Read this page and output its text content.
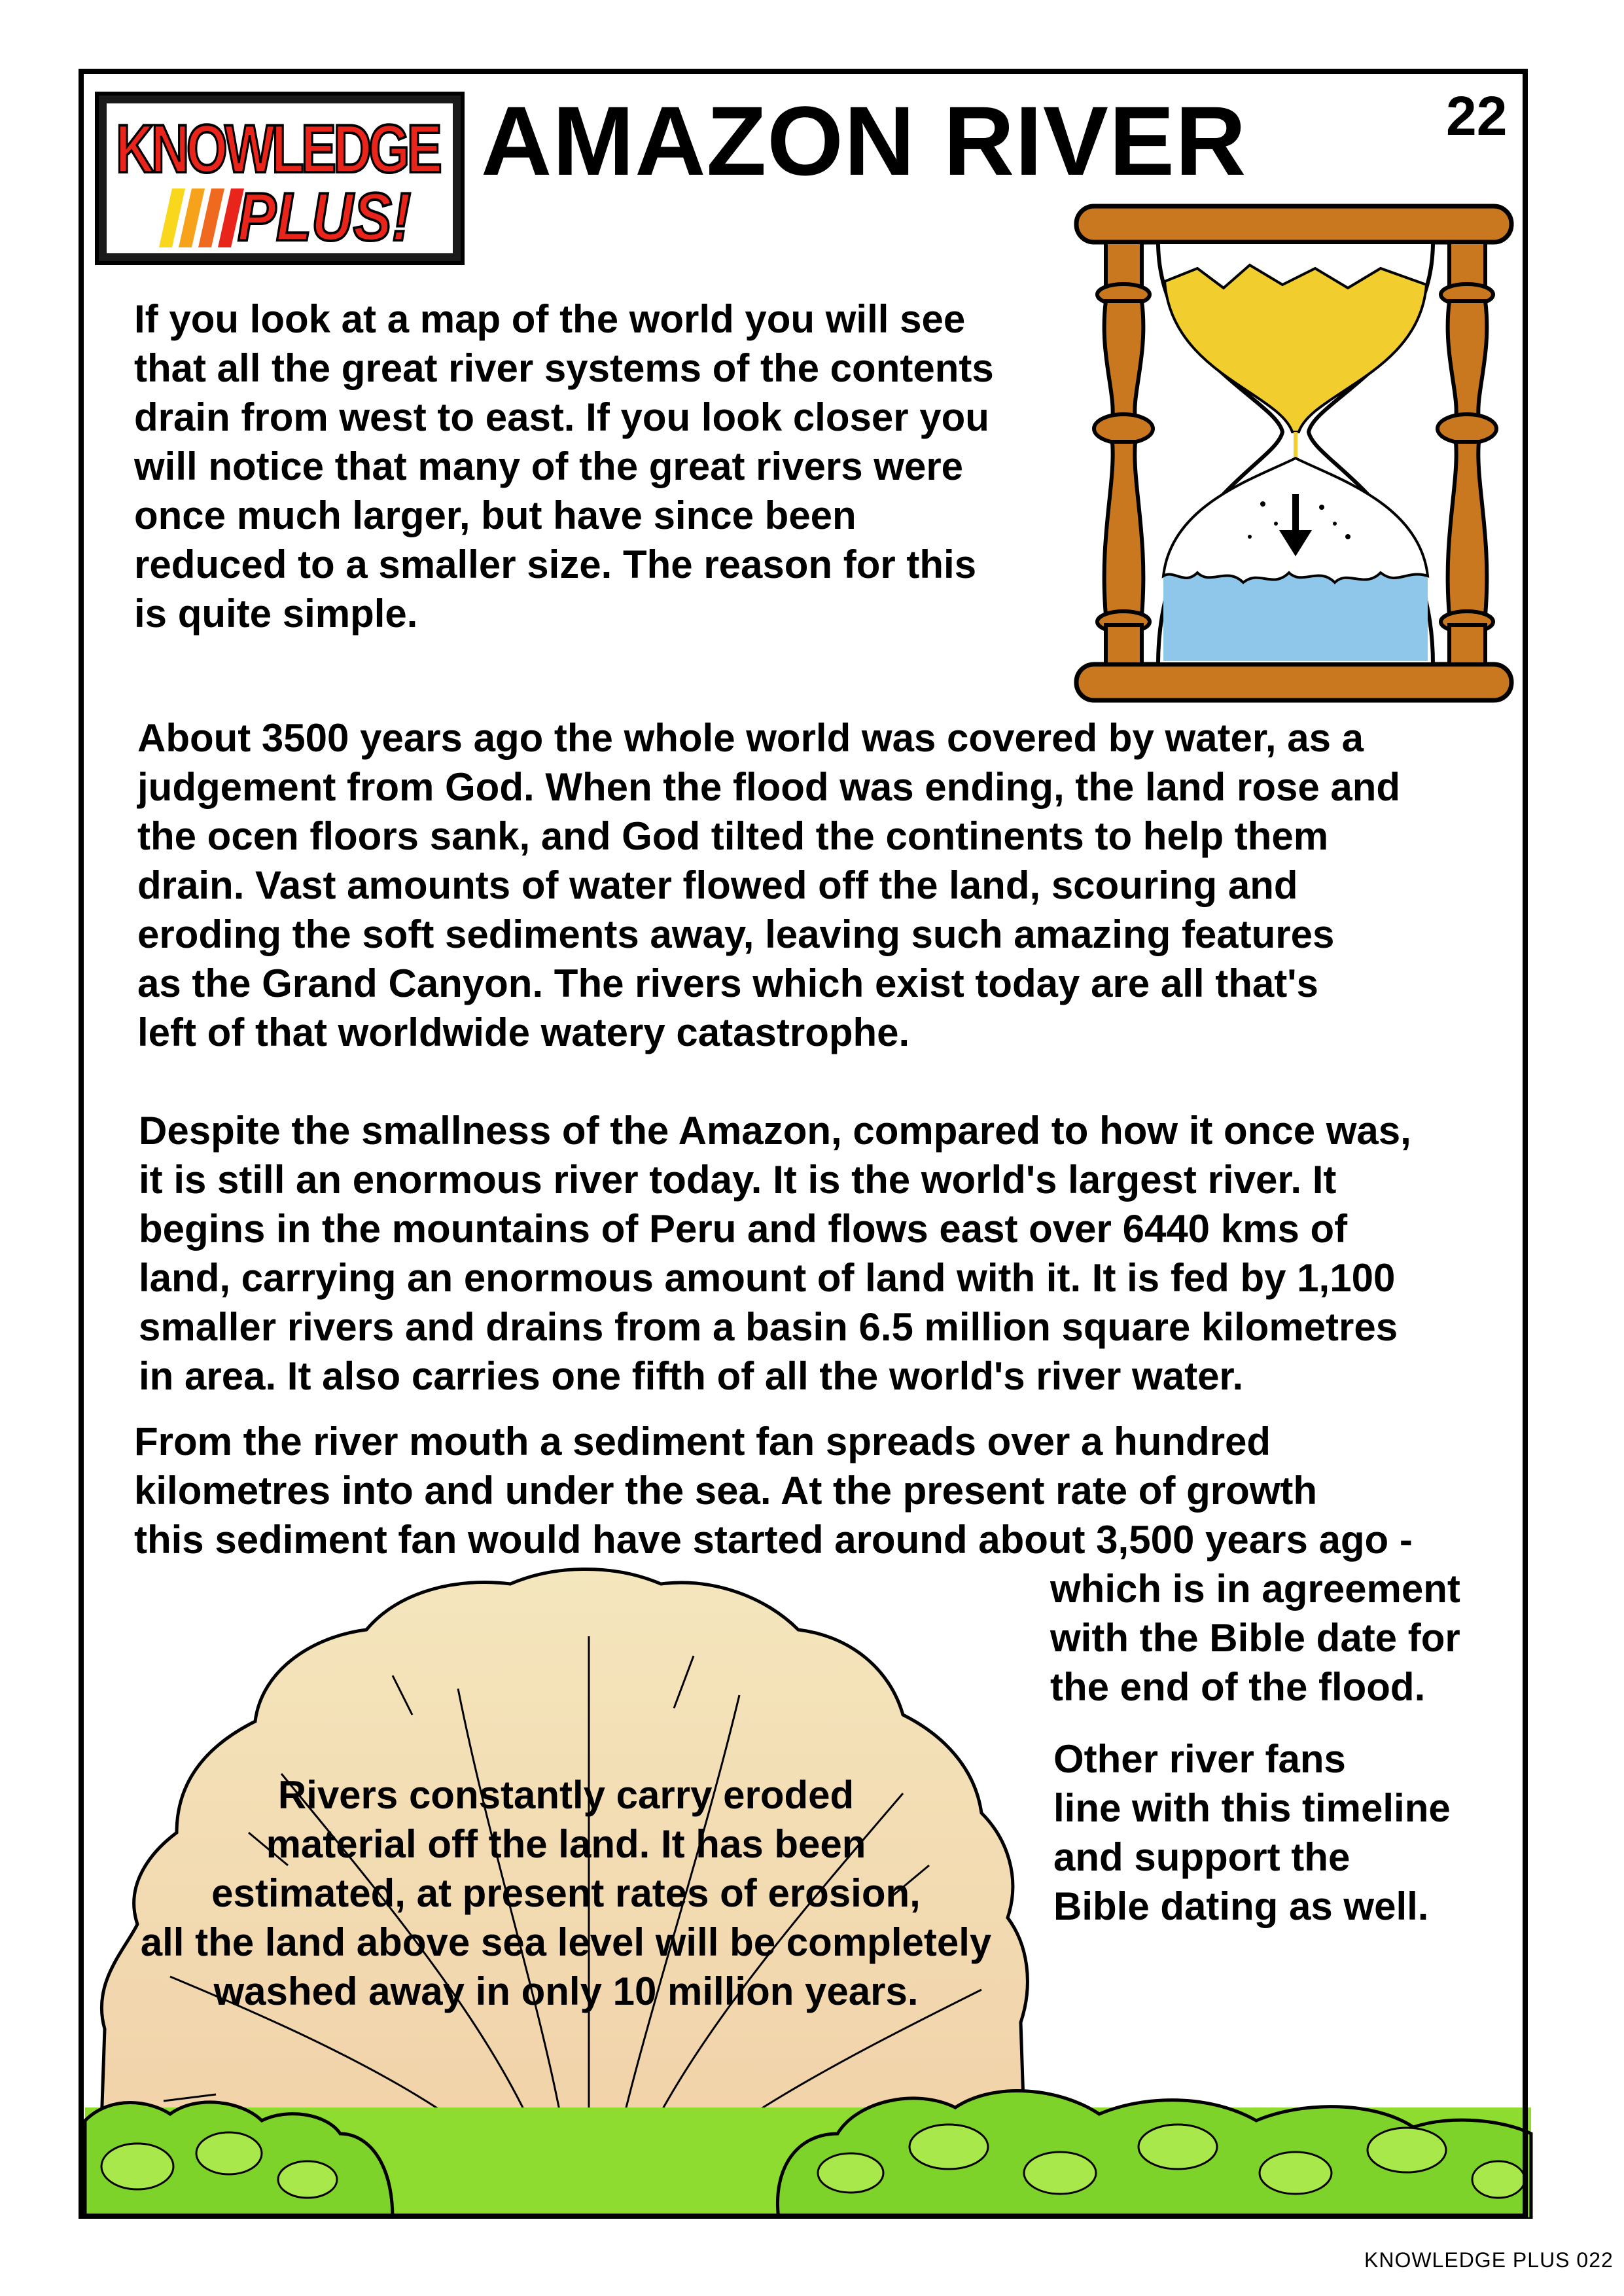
KNOWLEDGE
PLUS!
AMAZON RIVER	22

If you look at a map of the world you will see
that all the great river systems of the contents
drain from west to east. If you look closer you
will notice that many of the great rivers were
once much larger, but have since been
reduced to a smaller size. The reason for this
is quite simple.

About 3500 years ago the whole world was covered by water, as a
judgement from God. When the flood was ending, the land rose and
the ocen floors sank, and God tilted the continents to help them
drain. Vast amounts of water flowed off the land, scouring and
eroding the soft sediments away, leaving such amazing features
as the Grand Canyon. The rivers which exist today are all that's
left of that worldwide watery catastrophe.

Despite the smallness of the Amazon, compared to how it once was,
it is still an enormous river today. It is the world's largest river. It
begins in the mountains of Peru and flows east over 6440 kms of
land, carrying an enormous amount of land with it. It is fed by 1,100
smaller rivers and drains from a basin 6.5 million square kilometres
in area. It also carries one fifth of all the world's river water.

From the river mouth a sediment fan spreads over a hundred
kilometres into and under the sea. At the present rate of growth
this sediment fan would have started around about 3,500 years ago -

which is in agreement
with the Bible date for
the end of the flood.

Other river fans
line with this timeline
and support the
Bible dating as well.

Rivers constantly carry eroded
material off the land. It has been
estimated, at present rates of erosion,
all the land above sea level will be completely
washed away in only 10 million years.

KNOWLEDGE PLUS 022
